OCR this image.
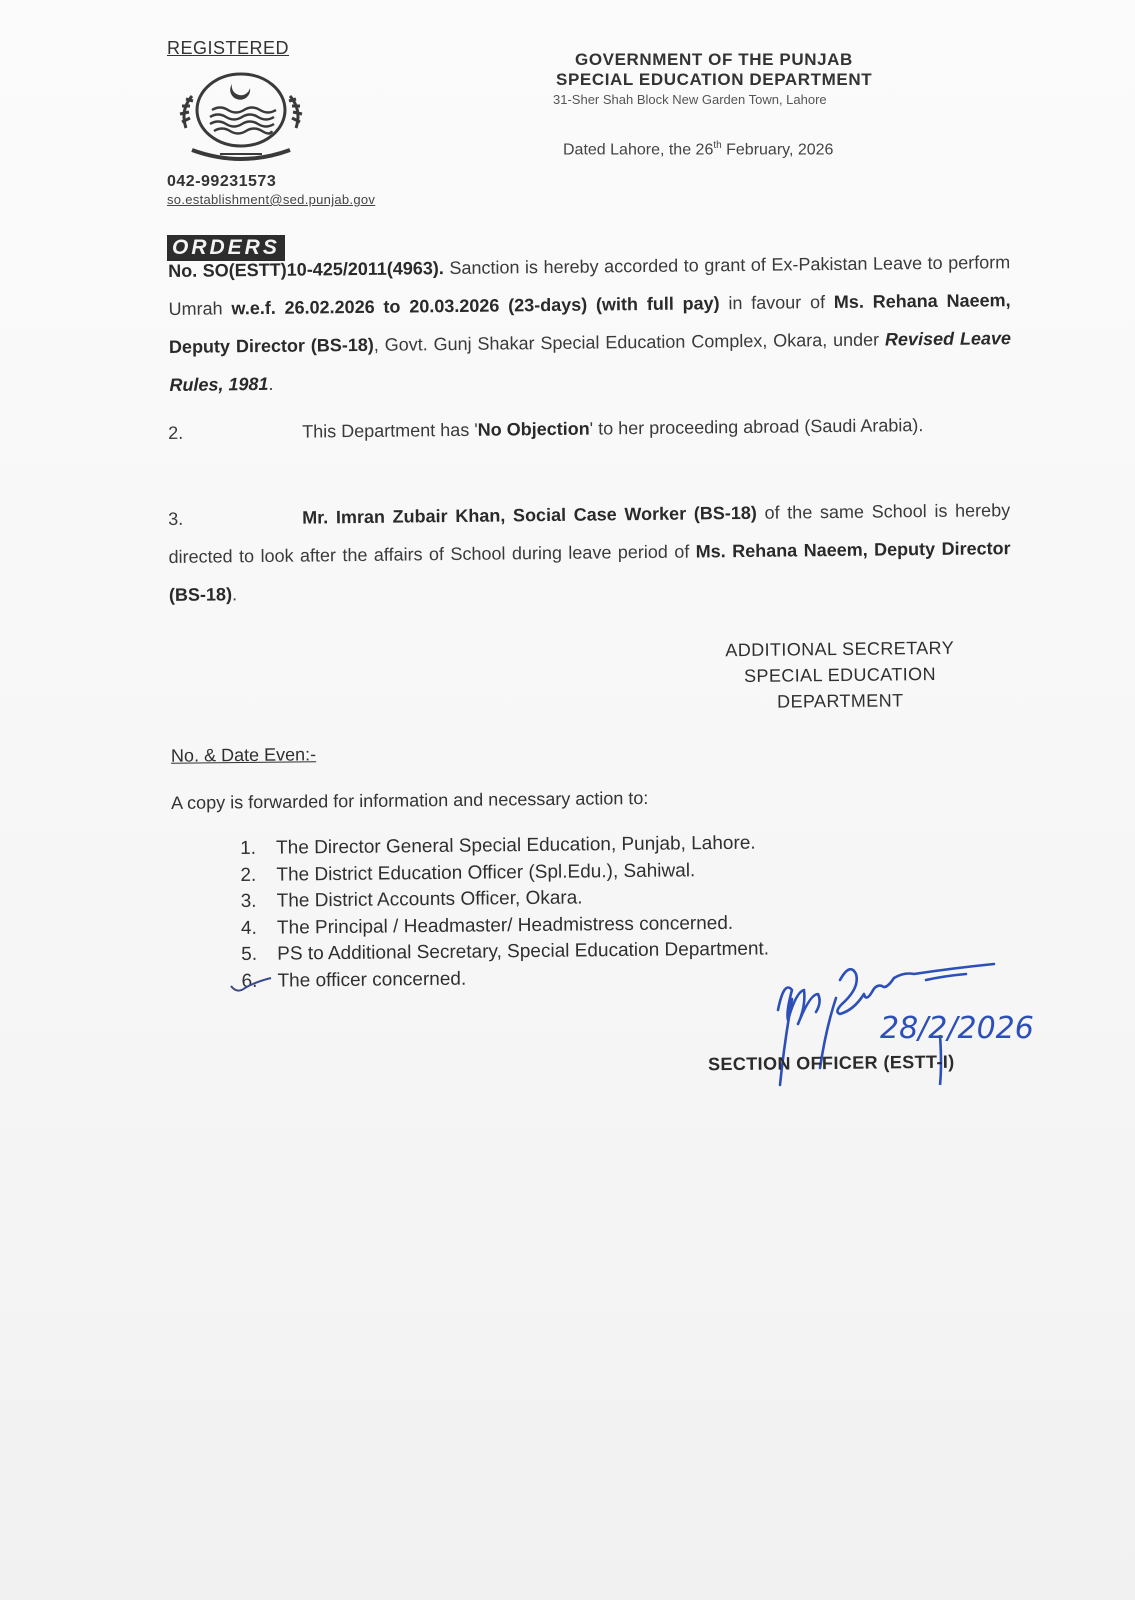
REGISTERED
042-99231573
so.establishment@sed.punjab.gov
GOVERNMENT OF THE PUNJAB
SPECIAL EDUCATION DEPARTMENT
31-Sher Shah Block New Garden Town, Lahore
Dated Lahore, the 26th February, 2026
ORDERS
No. SO(ESTT)10-425/2011(4963). Sanction is hereby accorded to grant of Ex-Pakistan Leave to perform Umrah w.e.f. 26.02.2026 to 20.03.2026 (23-days) (with full pay) in favour of Ms. Rehana Naeem, Deputy Director (BS-18), Govt. Gunj Shakar Special Education Complex, Okara, under Revised Leave Rules, 1981.
2.	This Department has 'No Objection' to her proceeding abroad (Saudi Arabia).
3.	Mr. Imran Zubair Khan, Social Case Worker (BS-18) of the same School is hereby directed to look after the affairs of School during leave period of Ms. Rehana Naeem, Deputy Director (BS-18).
ADDITIONAL SECRETARY
SPECIAL EDUCATION
DEPARTMENT
No. & Date Even:-
A copy is forwarded for information and necessary action to:
1. The Director General Special Education, Punjab, Lahore.
2. The District Education Officer (Spl.Edu.), Sahiwal.
3. The District Accounts Officer, Okara.
4. The Principal / Headmaster/ Headmistress concerned.
5. PS to Additional Secretary, Special Education Department.
6. The officer concerned.
28/2/2026
SECTION OFFICER (ESTT-I)
